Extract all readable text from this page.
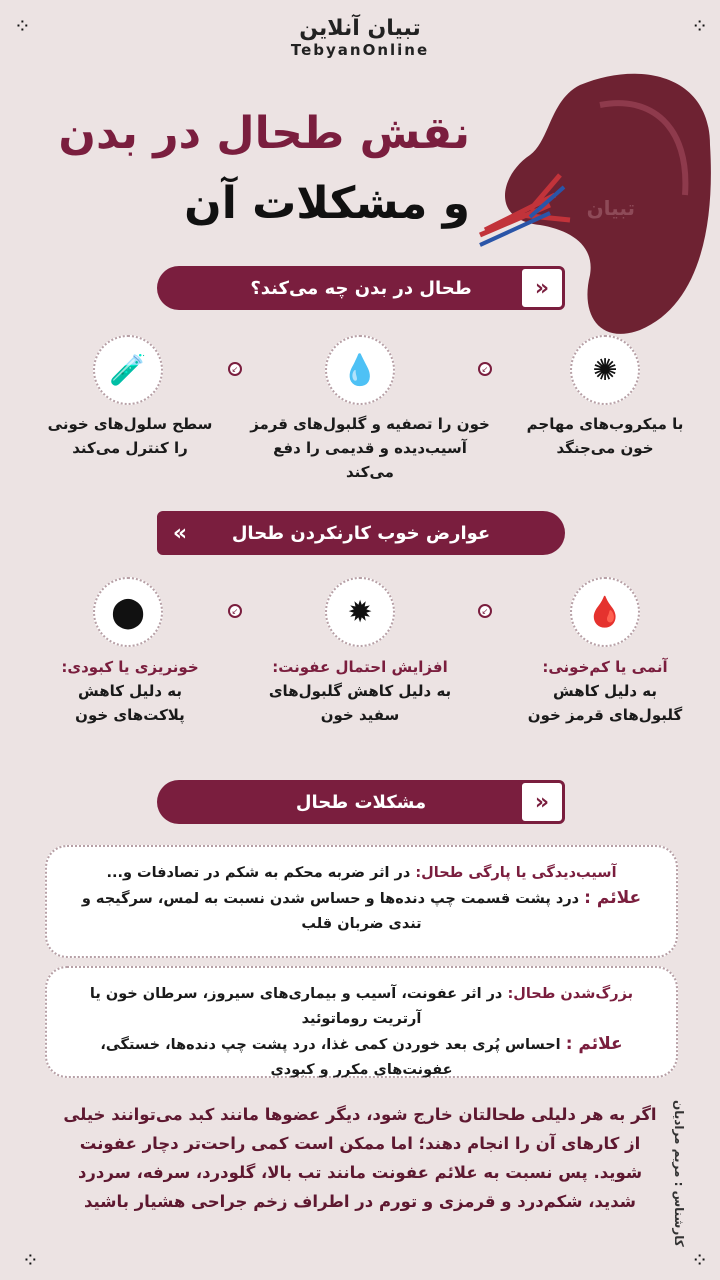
⁘	⁘
⁘	⁘
تبیان آنلاین
TebyanOnline
تبیان
نقش طحال در بدن
و مشکلات آن
طحال در بدن چه می‌کند؟	«
✺
💧
🧪	↙
↙
با میکروب‌های مهاجم
خون می‌جنگد
خون را تصفیه و گلبول‌های قرمز
آسیب‌دیده و قدیمی را دفع می‌کند
سطح سلول‌های خونی
را کنترل می‌کند
عوارض خوب کارنکردن طحال
»
🩸
✹
⬤	↙
↙
آنمی یا کم‌خونی:
به دلیل کاهش
گلبول‌های قرمز خون
افزایش احتمال عفونت:
به دلیل کاهش گلبول‌های
سفید خون
خونریزی یا کبودی:
به دلیل کاهش
پلاکت‌های خون
مشکلات طحال	«
آسیب‌دیدگی یا پارگی طحال: در اثر ضربه محکم به شکم در تصادفات و...
علائم : درد پشت قسمت چپ دنده‌ها و حساس شدن نسبت به لمس، سرگیجه و تندی ضربان قلب
بزرگ‌شدن طحال: در اثر عفونت، آسیب و بیماری‌های سیروز، سرطان خون یا آرتریت روماتوئید
علائم : احساس پُری بعد خوردن کمی غذا، درد پشت چپ دنده‌ها، خستگی، عفونت‌های مکرر و کبودی
اگر به هر دلیلی طحالتان خارج شود، دیگر عضوها مانند کبد می‌توانند خیلی از کارهای آن را انجام دهند؛ اما ممکن است کمی راحت‌تر دچار عفونت شوید. پس نسبت به علائم عفونت مانند تب بالا، گلودرد، سرفه، سردرد شدید، شکم‌درد و قرمزی و تورم در اطراف زخم جراحی هشیار باشید	کارشناس : مریم مرادیان
